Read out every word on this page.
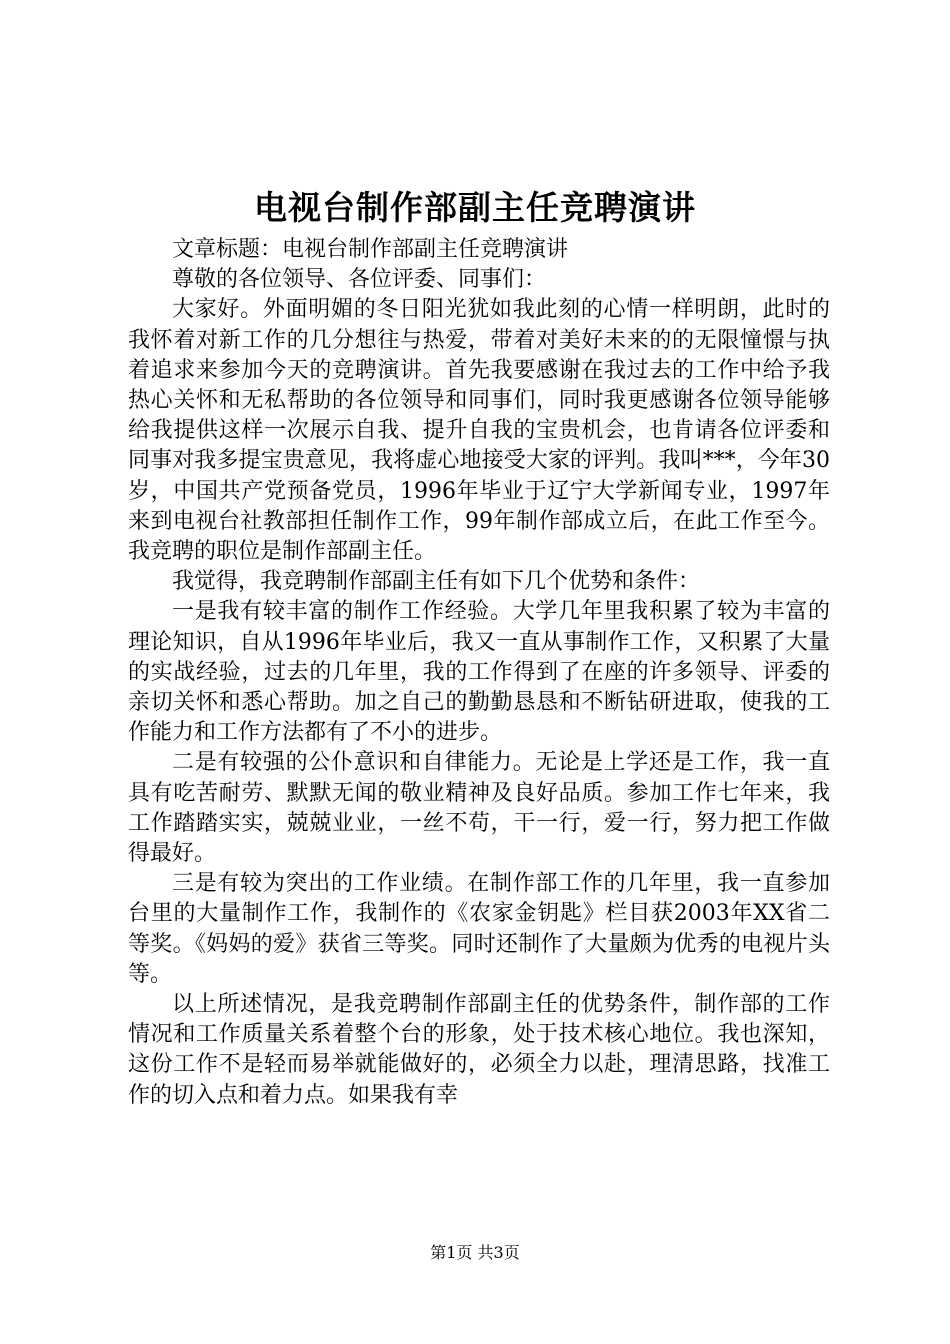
电视台制作部副主任竞聘演讲

文章标题：电视台制作部副主任竞聘演讲

尊敬的各位领导、各位评委、同事们：

大家好。外面明媚的冬日阳光犹如我此刻的心情一样明朗，此时的我怀着对新工作的几分想往与热爱，带着对美好未来的的无限憧憬与执着追求来参加今天的竞聘演讲。首先我要感谢在我过去的工作中给予我热心关怀和无私帮助的各位领导和同事们，同时我更感谢各位领导能够给我提供这样一次展示自我、提升自我的宝贵机会，也肯请各位评委和同事对我多提宝贵意见，我将虚心地接受大家的评判。我叫***，今年30岁，中国共产党预备党员，1996年毕业于辽宁大学新闻专业，1997年来到电视台社教部担任制作工作，99年制作部成立后，在此工作至今。我竞聘的职位是制作部副主任。

我觉得，我竞聘制作部副主任有如下几个优势和条件：

一是我有较丰富的制作工作经验。大学几年里我积累了较为丰富的理论知识，自从1996年毕业后，我又一直从事制作工作，又积累了大量的实战经验，过去的几年里，我的工作得到了在座的许多领导、评委的亲切关怀和悉心帮助。加之自己的勤勤恳恳和不断钻研进取，使我的工作能力和工作方法都有了不小的进步。

二是有较强的公仆意识和自律能力。无论是上学还是工作，我一直具有吃苦耐劳、默默无闻的敬业精神及良好品质。参加工作七年来，我工作踏踏实实，兢兢业业，一丝不苟，干一行，爱一行，努力把工作做得最好。

三是有较为突出的工作业绩。在制作部工作的几年里，我一直参加台里的大量制作工作，我制作的《农家金钥匙》栏目获2003年XX省二等奖。《妈妈的爱》获省三等奖。同时还制作了大量颇为优秀的电视片头等。

以上所述情况，是我竞聘制作部副主任的优势条件，制作部的工作情况和工作质量关系着整个台的形象，处于技术核心地位。我也深知，这份工作不是轻而易举就能做好的，必须全力以赴，理清思路，找准工作的切入点和着力点。如果我有幸

第1页 共3页
